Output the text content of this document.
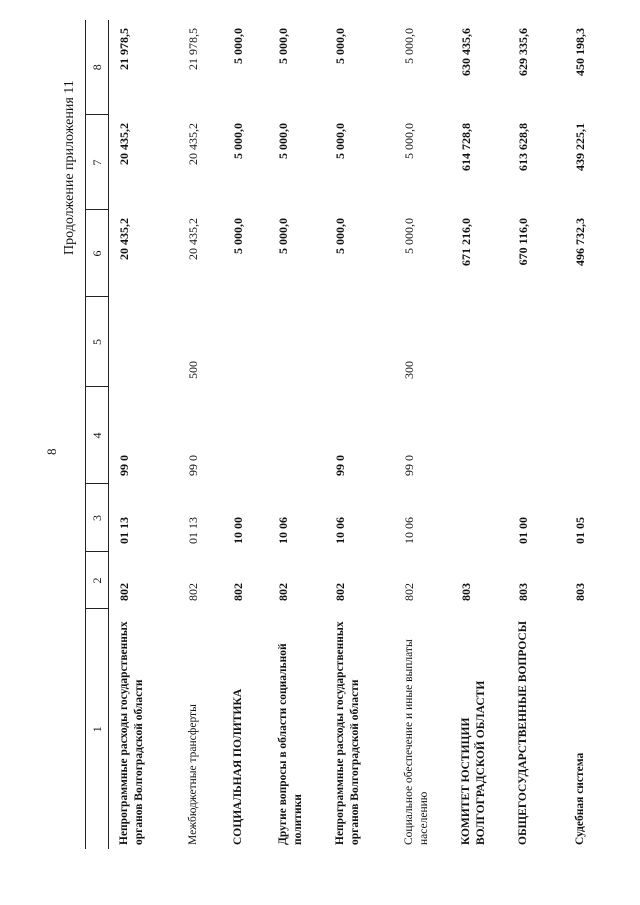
8
Продолжение приложения 11
1	2	3	4	5	6	7	8
Непрограммные расходы государственных органов Волгоградской области	802	01 13	99 0		20 435,2	20 435,2	21 978,5
Межбюджетные трансферты	802	01 13	99 0	500	20 435,2	20 435,2	21 978,5
СОЦИАЛЬНАЯ ПОЛИТИКА	802	10 00			5 000,0	5 000,0	5 000,0
Другие вопросы в области социальной политики	802	10 06			5 000,0	5 000,0	5 000,0
Непрограммные расходы государственных органов Волгоградской области	802	10 06	99 0		5 000,0	5 000,0	5 000,0
Социальное обеспечение и иные выплаты населению	802	10 06	99 0	300	5 000,0	5 000,0	5 000,0
КОМИТЕТ ЮСТИЦИИ ВОЛГОГРАДСКОЙ ОБЛАСТИ	803				671 216,0	614 728,8	630 435,6
ОБЩЕГОСУДАРСТВЕННЫЕ ВОПРОСЫ	803	01 00			670 116,0	613 628,8	629 335,6
Судебная система	803	01 05			496 732,3	439 225,1	450 198,3
